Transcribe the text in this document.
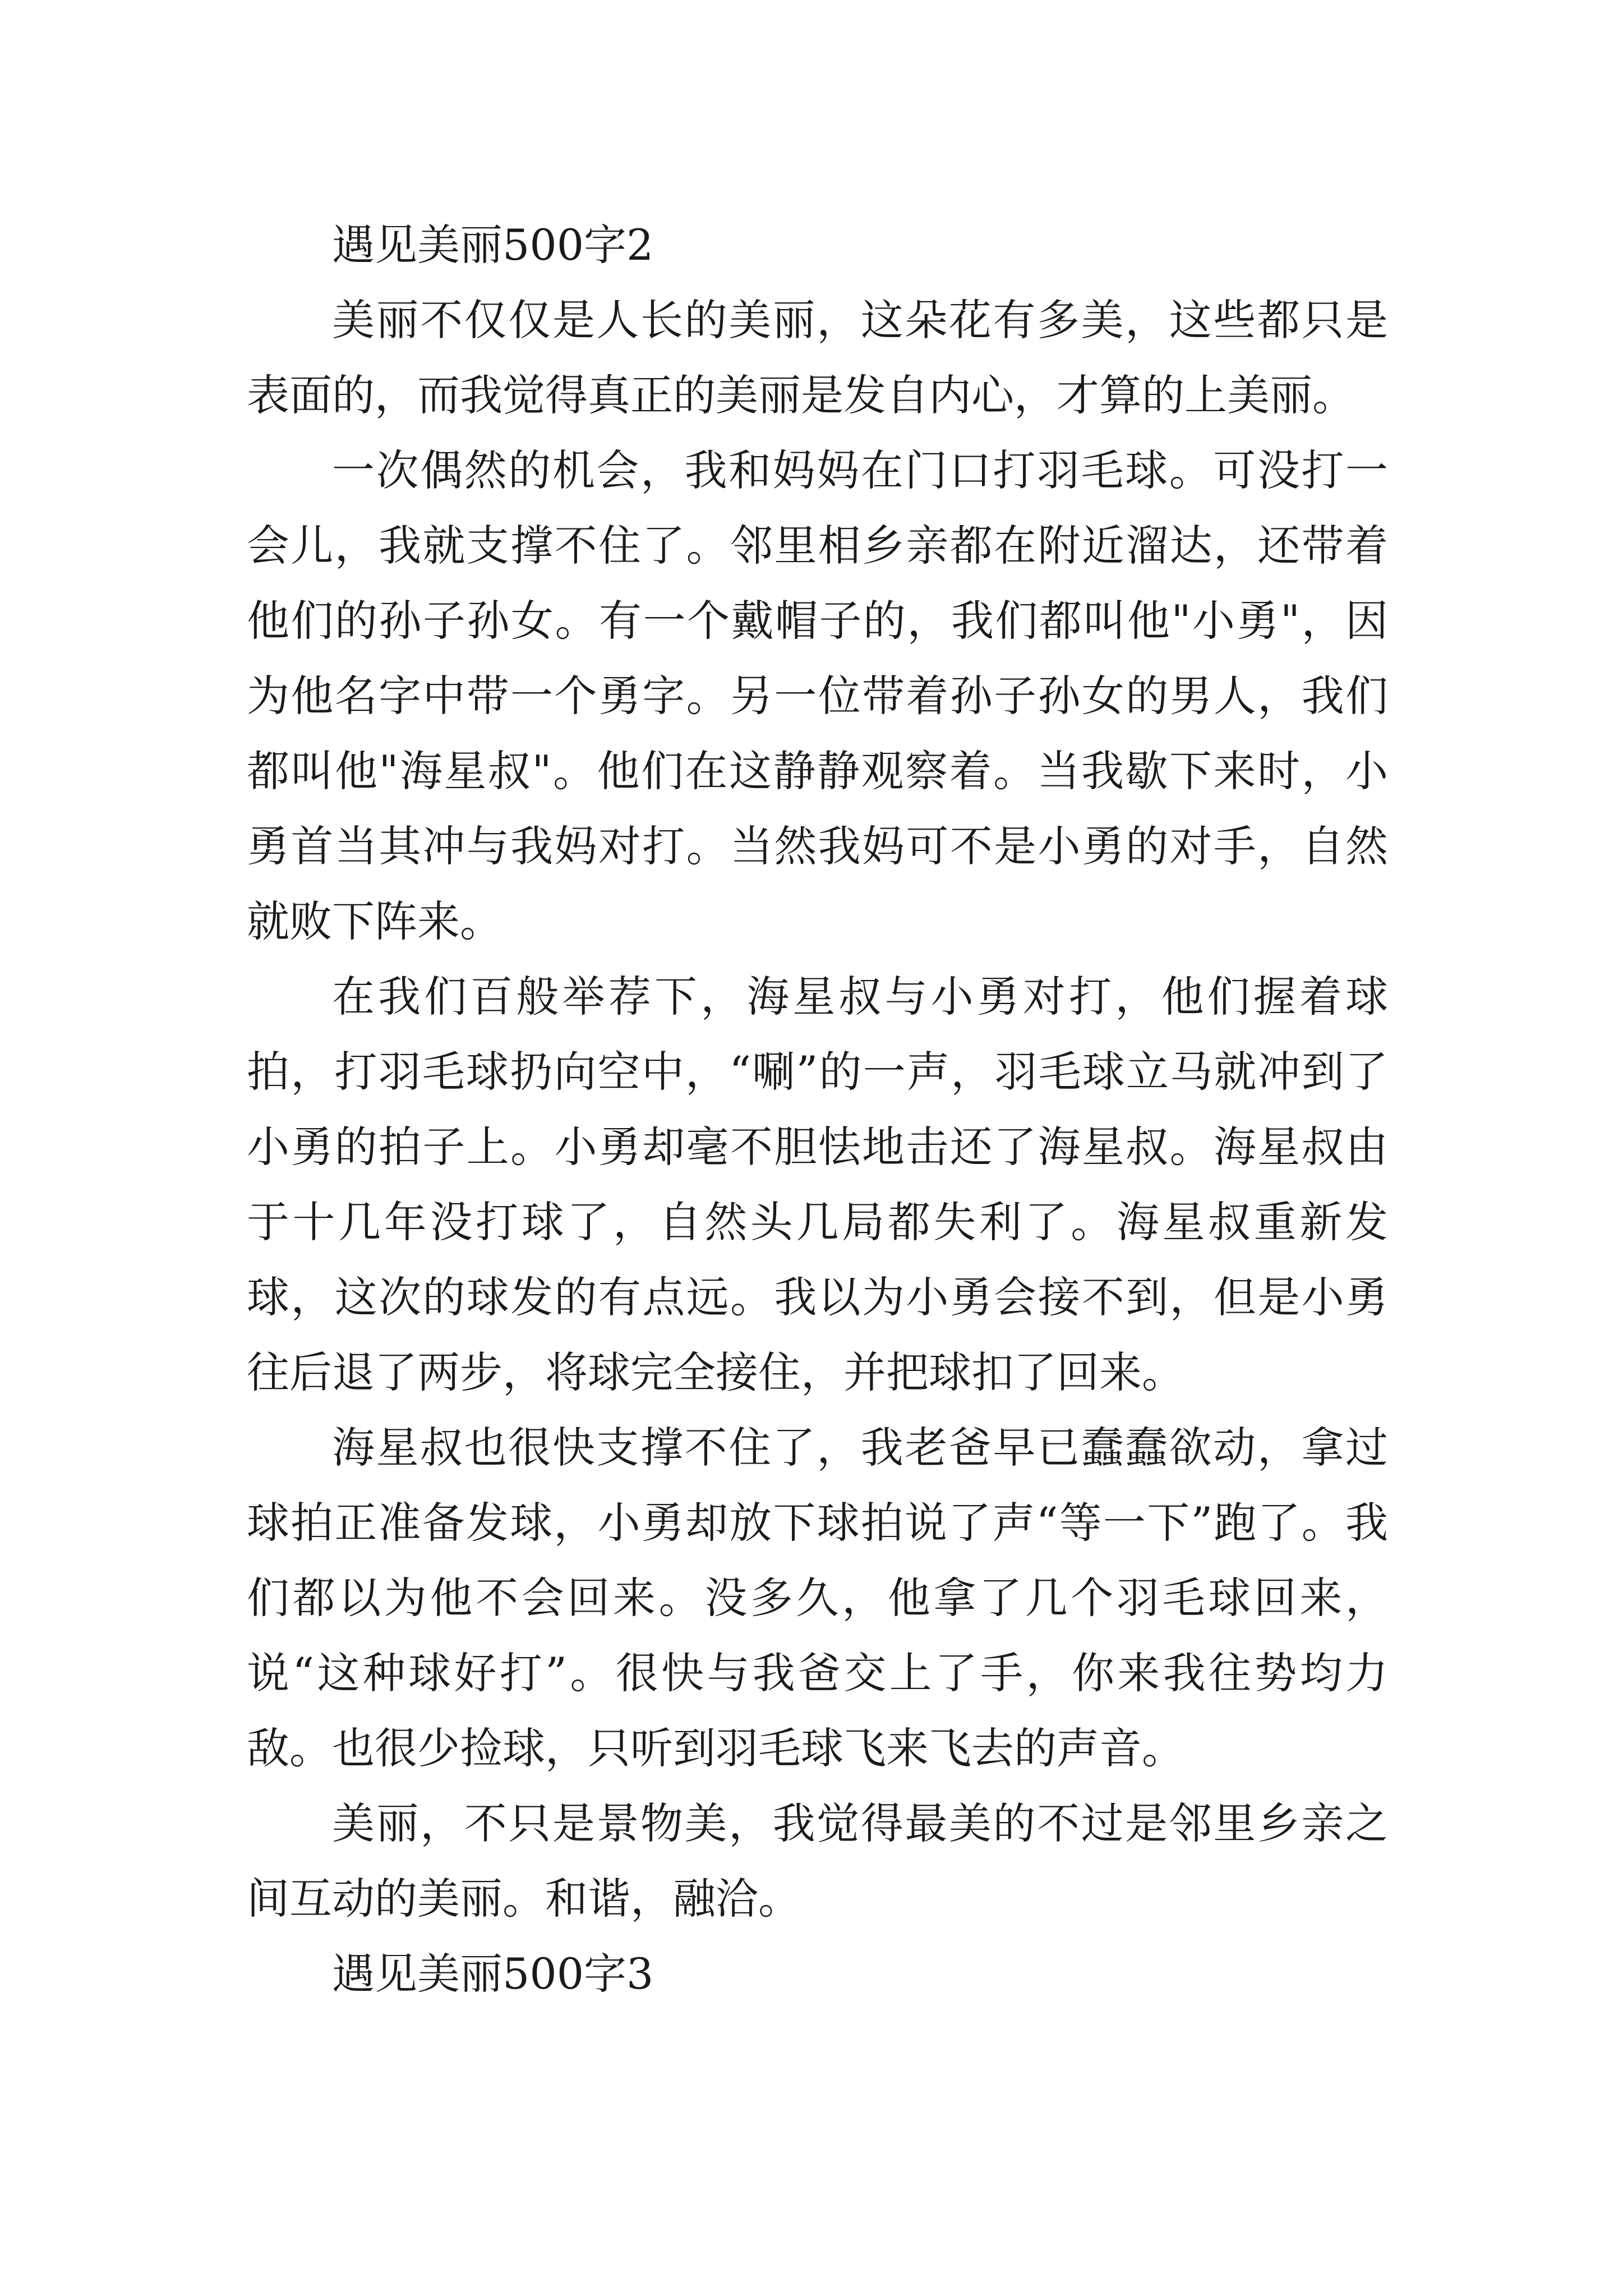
遇见美丽500字2

美丽不仅仅是人长的美丽，这朵花有多美，这些都只是表面的，而我觉得真正的美丽是发自内心，才算的上美丽。

一次偶然的机会，我和妈妈在门口打羽毛球。可没打一会儿，我就支撑不住了。邻里相乡亲都在附近溜达，还带着他们的孙子孙女。有一个戴帽子的，我们都叫他"小勇"，因为他名字中带一个勇字。另一位带着孙子孙女的男人，我们都叫他"海星叔"。他们在这静静观察着。当我歇下来时，小勇首当其冲与我妈对打。当然我妈可不是小勇的对手，自然就败下阵来。

在我们百般举荐下，海星叔与小勇对打，他们握着球拍，打羽毛球扔向空中，“唰”的一声，羽毛球立马就冲到了小勇的拍子上。小勇却毫不胆怯地击还了海星叔。海星叔由于十几年没打球了，自然头几局都失利了。海星叔重新发球，这次的球发的有点远。我以为小勇会接不到，但是小勇往后退了两步，将球完全接住，并把球扣了回来。

海星叔也很快支撑不住了，我老爸早已蠢蠢欲动，拿过球拍正准备发球，小勇却放下球拍说了声“等一下”跑了。我们都以为他不会回来。没多久，他拿了几个羽毛球回来，说“这种球好打”。很快与我爸交上了手，你来我往势均力敌。也很少捡球，只听到羽毛球飞来飞去的声音。

美丽，不只是景物美，我觉得最美的不过是邻里乡亲之间互动的美丽。和谐，融洽。

遇见美丽500字3
